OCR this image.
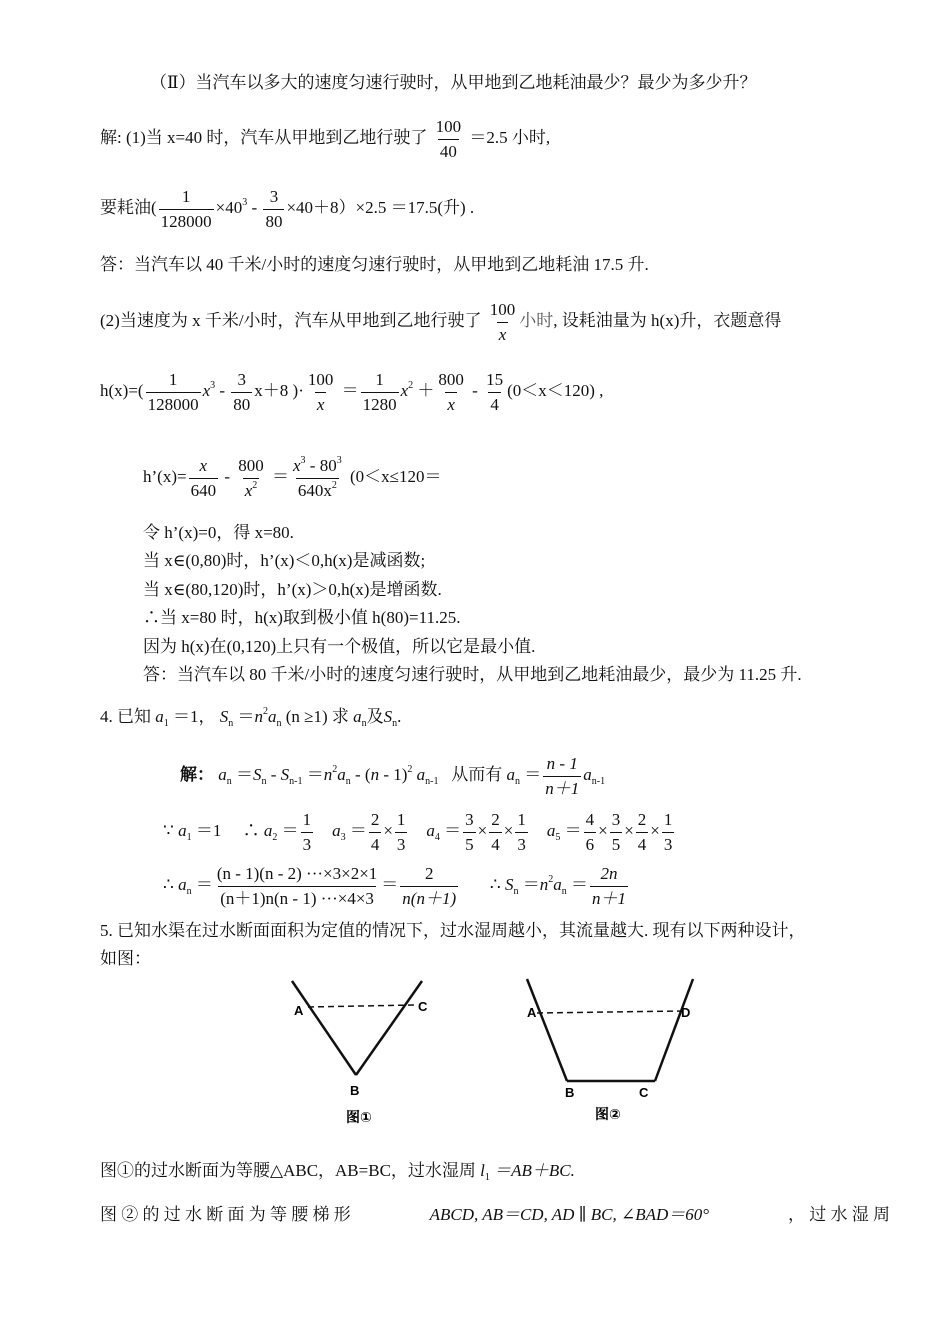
（Ⅱ）当汽车以多大的速度匀速行驶时，从甲地到乙地耗油最少？最少为多少升？
解: (1)当 x=40 时，汽车从甲地到乙地行驶了 $\frac{100}{40} =2.5$ 小时,
要耗油( $\frac{1}{128000} \times 40^3 - \frac{3}{80} \times 40+8)\times 2.5 =17.5$(升) .
答：当汽车以 40 千米/小时的速度匀速行驶时，从甲地到乙地耗油 17.5 升.
(2)当速度为 x 千米/小时，汽车从甲地到乙地行驶了 $\frac{100}{x}$ 小时, 设耗油量为 h(x)升，衣题意得
$h(x)=( \frac{1}{128000} x^3 - \frac{3}{80} x+8$ )· $\frac{100}{x} = \frac{1}{1280} x^2 + \frac{800}{x} - \frac{15}{4} (0<x<120)$ ,
h’(x)= $\frac{x}{640} - \frac{800}{x^2} = \frac{x^3 - 80^3}{640x^2} (0<x\le 120=$
令 h’(x)=0，得 x=80.
当 x∈(0,80)时，h’(x)＜0,h(x)是减函数;
当 x∈(80,120)时，h’(x)＞0,h(x)是增函数.
∴当 x=80 时，h(x)取到极小值 h(80)=11.25.
因为 h(x)在(0,120)上只有一个极值，所以它是最小值.
答：当汽车以 80 千米/小时的速度匀速行驶时，从甲地到乙地耗油最少，最少为 11.25 升.
4. 已知 $a_1 =1$， $S_n =n^2a_n$ (n ≥1) 求 $a_n$及$S_n$.
解： $a_n =S_n - S_{n-1} =n^2a_n - (n - 1)^2$ $a_{n-1}$ 从而有 $a_n = \frac{n - 1}{n+1} a_{n-1}$
∵ $a_1 =1$     ∴ $a_2 = \frac{1}{3} a_3 = \frac{2}{4} \times \frac{1}{3} a_4 = \frac{3}{5} \times \frac{2}{4} \times \frac{1}{3} a_5 = \frac{4}{6} \times \frac{3}{5} \times \frac{2}{4} \times \frac{1}{3}$
∴ $a_n = \frac{(n - 1)(n - 2) \cdot\cdot\cdot\times 3\times 2\times 1}{(n+1)n(n - 1) \cdot\cdot\cdot\times 4\times 3} = \frac{2}{n(n+1)}$ ∴ $S_n =n^2a_n = \frac{2n}{n+1}$
5. 已知水渠在过水断面面积为定值的情况下，过水湿周越小，其流量越大. 现有以下两种设计，
如图：
A
B
C
图①
A
B	C
D
图②
图①的过水断面为等腰△ABC，AB=BC，过水湿周 $l_1 =AB+BC$.
图 ② 的 过 水 断 面 为 等 腰 梯 形	ABCD, AB＝CD, AD ∥ BC, ∠BAD＝60°	， 过 水 湿 周
